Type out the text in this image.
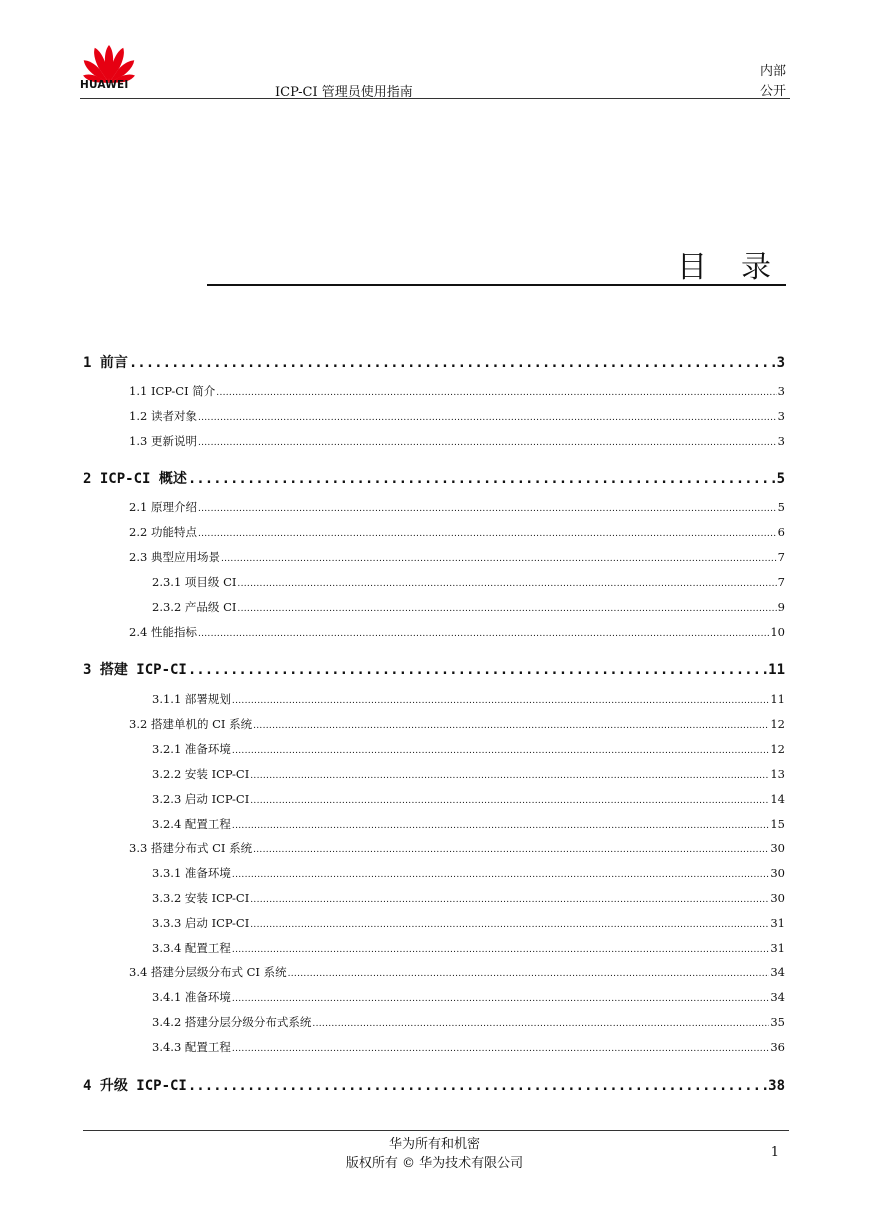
HUAWEI	ICP-CI 管理员使用指南
内部
公开
目录
1 前言 .....	3
1.1 ICP-CI 简介 .....	3
1.2 读者对象 .....	3
1.3 更新说明 .....	3
2 ICP-CI 概述 .....	5
2.1 原理介绍 .....	5
2.2 功能特点 .....	6
2.3 典型应用场景 .....	7
2.3.1 项目级 CI .....	7
2.3.2 产品级 CI .....	9
2.4 性能指标 .....	10
3 搭建 ICP-CI .....	11
3.1.1 部署规划 .....	11
3.2 搭建单机的 CI 系统 .....	12
3.2.1 准备环境 .....	12
3.2.2 安装 ICP-CI .....	13
3.2.3 启动 ICP-CI .....	14
3.2.4 配置工程 .....	15
3.3 搭建分布式 CI 系统 .....	30
3.3.1 准备环境 .....	30
3.3.2 安装 ICP-CI .....	30
3.3.3 启动 ICP-CI .....	31
3.3.4 配置工程 .....	31
3.4 搭建分层级分布式 CI 系统 .....	34
3.4.1 准备环境 .....	34
3.4.2 搭建分层分级分布式系统 .....	35
3.4.3 配置工程 .....	36
4 升级 ICP-CI .....	38
华为所有和机密
版权所有 © 华为技术有限公司
1
